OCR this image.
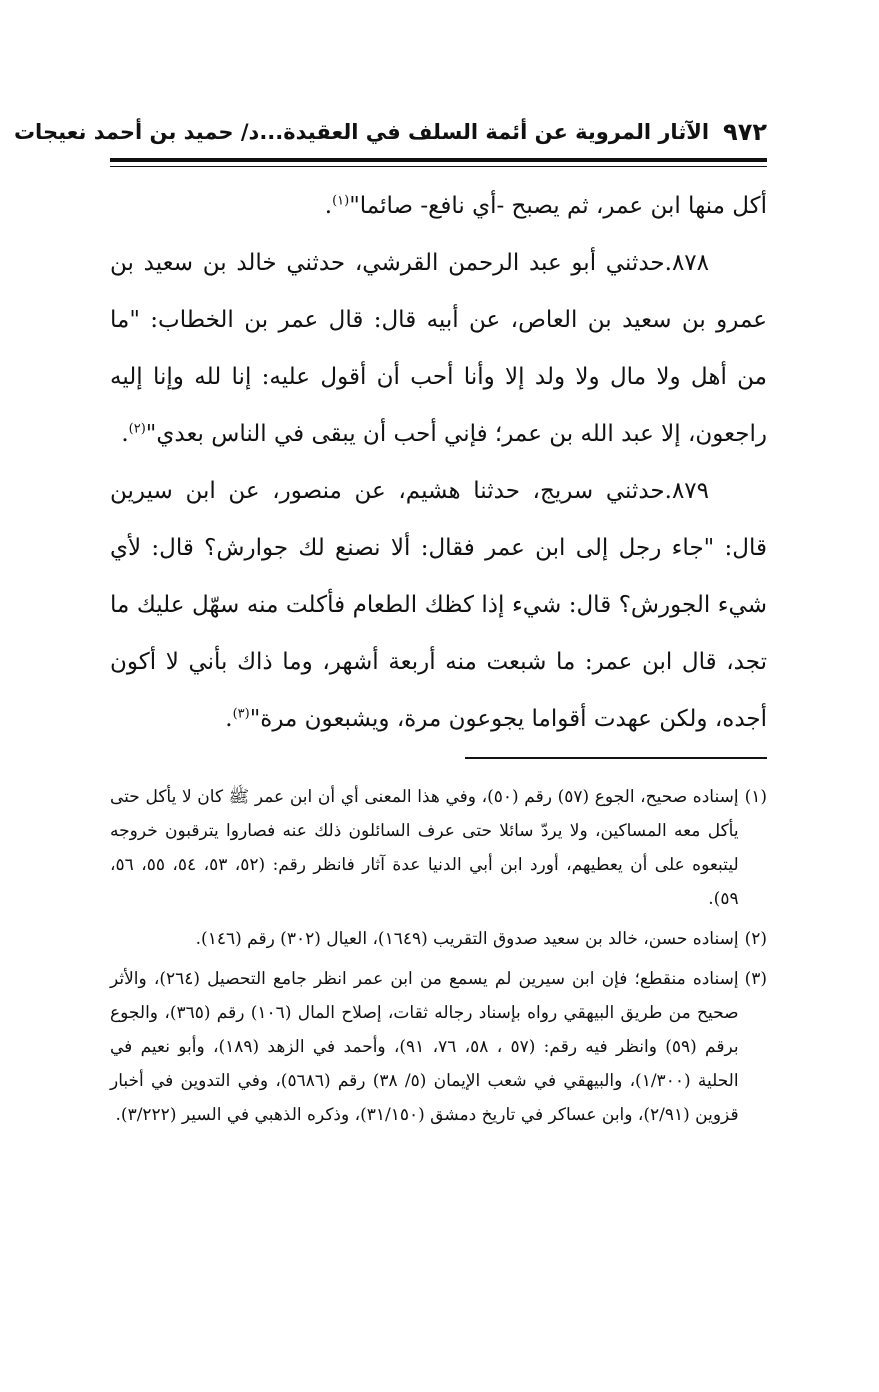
٩٧٢
الآثار المروية عن أئمة السلف في العقيدة...د/ حميد بن أحمد نعيجات

أكل منها ابن عمر، ثم يصبح -أي نافع- صائما"$^{(١)}$.

٨٧٨.حدثني أبو عبد الرحمن القرشي، حدثني خالد بن سعيد بن عمرو بن سعيد بن العاص، عن أبيه قال: قال عمر بن الخطاب: "ما من أهل ولا مال ولا ولد إلا وأنا أحب أن أقول عليه: إنا لله وإنا إليه راجعون، إلا عبد الله بن عمر؛ فإني أحب أن يبقى في الناس بعدي"$^{(٢)}$.

٨٧٩.حدثني سريج، حدثنا هشيم، عن منصور، عن ابن سيرين قال: "جاء رجل إلى ابن عمر فقال: ألا نصنع لك جوارش؟ قال: لأي شيء الجورش؟ قال: شيء إذا كظك الطعام فأكلت منه سهّل عليك ما تجد، قال ابن عمر: ما شبعت منه أربعة أشهر، وما ذاك بأني لا أكون أجده، ولكن عهدت أقواما يجوعون مرة، ويشبعون مرة"$^{(٣)}$.

(١)
إسناده صحيح، الجوع (٥٧) رقم (٥٠)، وفي هذا المعنى أي أن ابن عمر ﷺ كان لا يأكل حتى يأكل معه المساكين، ولا يردّ سائلا حتى عرف السائلون ذلك عنه فصاروا يترقبون خروجه ليتبعوه على أن يعطيهم، أورد ابن أبي الدنيا عدة آثار فانظر رقم: (٥٢، ٥٣، ٥٤، ٥٥، ٥٦، ٥٩).
(٢)
إسناده حسن، خالد بن سعيد صدوق التقريب (١٦٤٩)، العيال (٣٠٢) رقم (١٤٦).
(٣)
إسناده منقطع؛ فإن ابن سيرين لم يسمع من ابن عمر انظر جامع التحصيل (٢٦٤)، والأثر صحيح من طريق البيهقي رواه بإسناد رجاله ثقات، إصلاح المال (١٠٦) رقم (٣٦٥)، والجوع برقم (٥٩) وانظر فيه رقم: (٥٧ ، ٥٨، ٧٦، ٩١)، وأحمد في الزهد (١٨٩)، وأبو نعيم في الحلية (١/٣٠٠)، والبيهقي في شعب الإيمان (٥/ ٣٨) رقم (٥٦٨٦)، وفي التدوين في أخبار قزوين (٢/٩١)، وابن عساكر في تاريخ دمشق (٣١/١٥٠)، وذكره الذهبي في السير (٣/٢٢٢).
